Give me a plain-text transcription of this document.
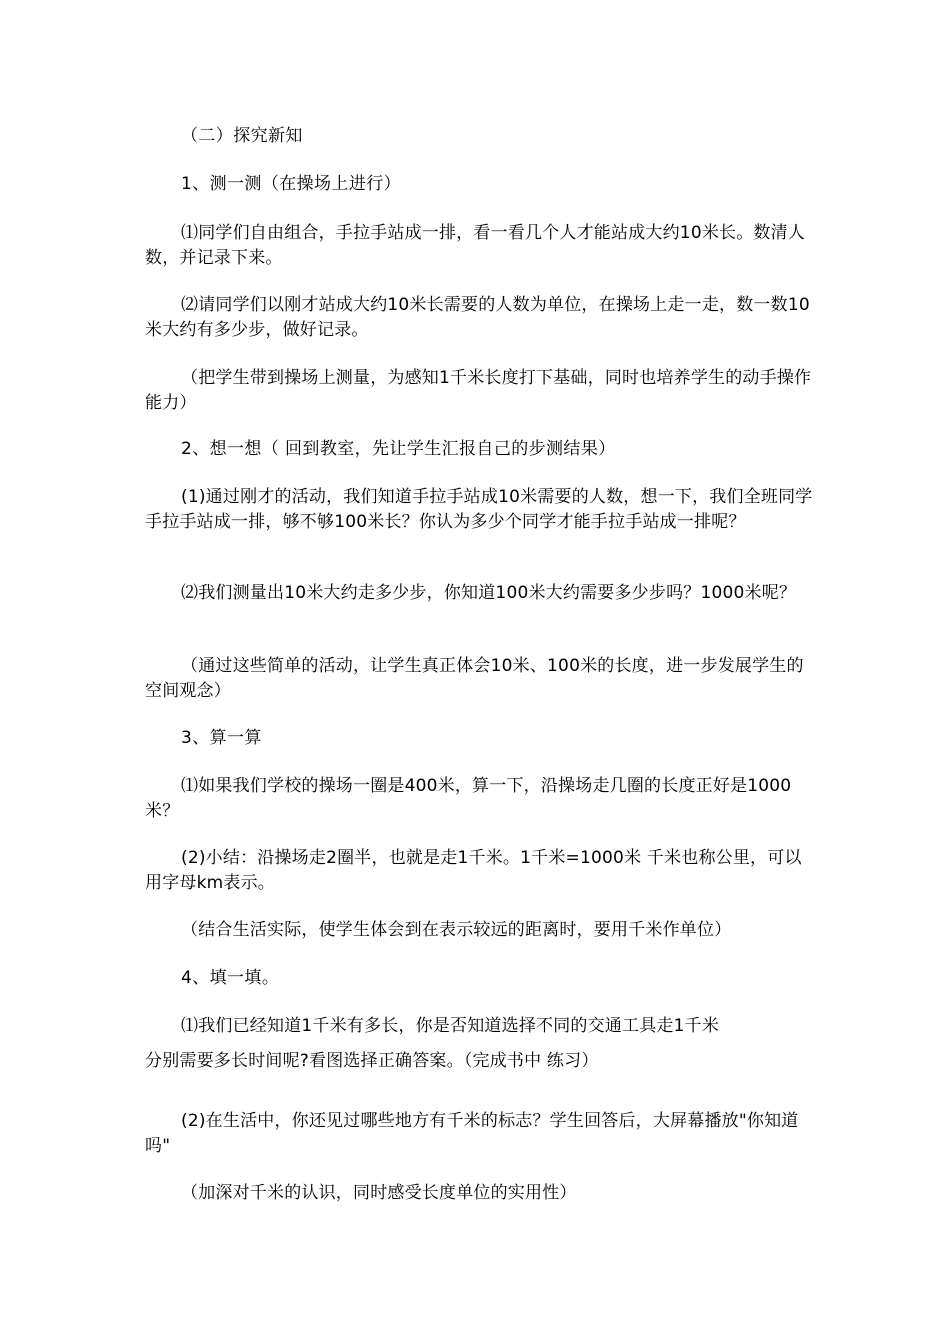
（二）探究新知

1、测一测（在操场上进行）

⑴同学们自由组合，手拉手站成一排，看一看几个人才能站成大约10米长。数清人数，并记录下来。

⑵请同学们以刚才站成大约10米长需要的人数为单位，在操场上走一走，数一数10米大约有多少步，做好记录。

（把学生带到操场上测量，为感知1千米长度打下基础，同时也培养学生的动手操作能力）

2、想一想（ 回到教室，先让学生汇报自己的步测结果）

(1)通过刚才的活动，我们知道手拉手站成10米需要的人数，想一下，我们全班同学手拉手站成一排，够不够100米长？你认为多少个同学才能手拉手站成一排呢？

⑵我们测量出10米大约走多少步，你知道100米大约需要多少步吗？1000米呢？

（通过这些简单的活动，让学生真正体会10米、100米的长度，进一步发展学生的空间观念）

3、算一算

⑴如果我们学校的操场一圈是400米，算一下，沿操场走几圈的长度正好是1000米？

(2)小结：沿操场走2圈半，也就是走1千米。1千米=1000米 千米也称公里，可以用字母km表示。

（结合生活实际，使学生体会到在表示较远的距离时，要用千米作单位）

4、填一填。

⑴我们已经知道1千米有多长，你是否知道选择不同的交通工具走1千米

分别需要多长时间呢?看图选择正确答案。（完成书中 练习）

(2)在生活中，你还见过哪些地方有千米的标志？学生回答后，大屏幕播放"你知道吗"

（加深对千米的认识，同时感受长度单位的实用性）
